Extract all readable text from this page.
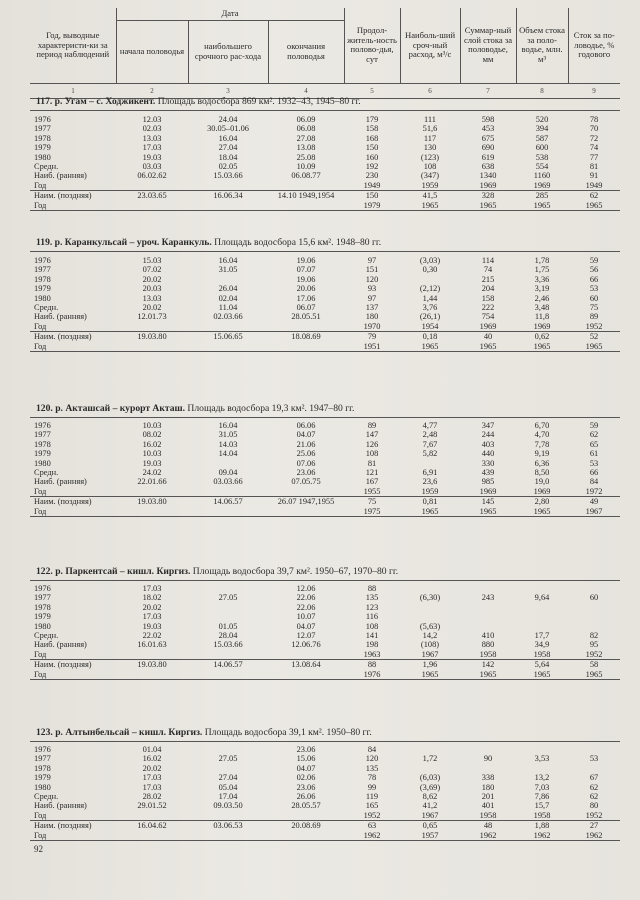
Год, выводные характеристи-ки за период наблюдений	Дата			Продол-житель-ность полово-дья, сут	Наиболь-ший сроч-ный расход, м³/с	Суммар-ный слой стока за половодье, мм	Объем стока за поло-водье, млн. м³	Сток за по-ловодье, % годового
	начала половодья	наибольшего срочного рас-хода	окончания половодья					
1	2	3	4	5	6	7	8	9
117. р. Угам – с. Ходжикент. Площадь водосбора 869 км². 1932–43, 1945–80 гг.
1976	12.03	24.04	06.09	179	111	598	520	78
1977	02.03	30.05–01.06	06.08	158	51,6	453	394	70
1978	13.03	16.04	27.08	168	117	675	587	72
1979	17.03	27.04	13.08	150	130	690	600	74
1980	19.03	18.04	25.08	160	(123)	619	538	77
Средн.	03.03	02.05	10.09	192	108	638	554	81
Наиб. (ранняя)	06.02.62	15.03.66	06.08.77	230	(347)	1340	1160	91
Год				1949	1959	1969	1969	1949
Наим. (поздняя)	23.03.65	16.06.34	14.10 1949,1954	150	41,5	328	285	62
Год				1979	1965	1965	1965	1965
119. р. Каранкульсай – уроч. Каранкуль. Площадь водосбора 15,6 км². 1948–80 гг.
1976	15.03	16.04	19.06	97	(3,03)	114	1,78	59
1977	07.02	31.05	07.07	151	0,30	74	1,75	56
1978	20.02		19.06	120		215	3,36	66
1979	20.03	26.04	20.06	93	(2,12)	204	3,19	53
1980	13.03	02.04	17.06	97	1,44	158	2,46	60
Средн.	20.02	11.04	06.07	137	3,76	222	3,48	75
Наиб. (ранняя)	12.01.73	02.03.66	28.05.51	180	(26,1)	754	11,8	89
Год				1970	1954	1969	1969	1952
Наим. (поздняя)	19.03.80	15.06.65	18.08.69	79	0,18	40	0,62	52
Год				1951	1965	1965	1965	1965
120. р. Акташсай – курорт Акташ. Площадь водосбора 19,3 км². 1947–80 гг.
1976	10.03	16.04	06.06	89	4,77	347	6,70	59
1977	08.02	31.05	04.07	147	2,48	244	4,70	62
1978	16.02	14.03	21.06	126	7,67	403	7,78	65
1979	10.03	14.04	25.06	108	5,82	440	9,19	61
1980	19.03		07.06	81		330	6,36	53
Средн.	24.02	09.04	23.06	121	6,91	439	8,50	66
Наиб. (ранняя)	22.01.66	03.03.66	07.05.75	167	23,6	985	19,0	84
Год				1955	1959	1969	1969	1972
Наим. (поздняя)	19.03.80	14.06.57	26.07 1947,1955	75	0,81	145	2,80	49
Год				1975	1965	1965	1965	1967
122. р. Паркентсай – кишл. Киргиз. Площадь водосбора 39,7 км². 1950–67, 1970–80 гг.
1976	17.03		12.06	88				
1977	18.02	27.05	22.06	135	(6,30)	243	9,64	60
1978	20.02		22.06	123				
1979	17.03		10.07	116				
1980	19.03	01.05	04.07	108	(5,63)			
Средн.	22.02	28.04	12.07	141	14,2	410	17,7	82
Наиб. (ранняя)	16.01.63	15.03.66	12.06.76	198	(108)	880	34,9	95
Год				1963	1967	1958	1958	1952
Наим. (поздняя)	19.03.80	14.06.57	13.08.64	88	1,96	142	5,64	58
Год				1976	1965	1965	1965	1965
123. р. Алтынбельсай – кишл. Киргиз. Площадь водосбора 39,1 км². 1950–80 гг.
1976	01.04		23.06	84				
1977	16.02	27.05	15.06	120	1,72	90	3,53	53
1978	20.02		04.07	135				
1979	17.03	27.04	02.06	78	(6,03)	338	13,2	67
1980	17.03	05.04	23.06	99	(3,69)	180	7,03	62
Средн.	28.02	17.04	26.06	119	8,62	201	7,86	62
Наиб. (ранняя)	29.01.52	09.03.50	28.05.57	165	41,2	401	15,7	80
Год				1952	1967	1958	1958	1952
Наим. (поздняя)	16.04.62	03.06.53	20.08.69	63	0,65	48	1,88	27
Год				1962	1957	1962	1962	1962
92
